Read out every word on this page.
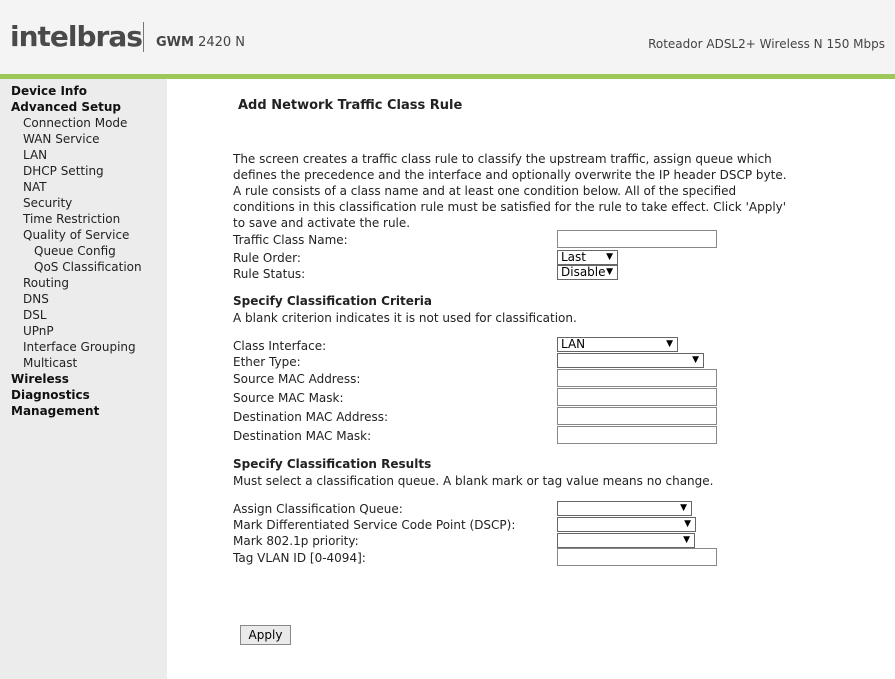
intelbras GWM 2420 N	Roteador ADSL2+ Wireless N 150 Mbps
Device Info
Advanced Setup
Connection Mode
WAN Service
LAN
DHCP Setting
NAT
Security
Time Restriction
Quality of Service
Queue Config
QoS Classification
Routing
DNS
DSL
UPnP
Interface Grouping
Multicast
Wireless
Diagnostics
Management
Add Network Traffic Class Rule
The screen creates a traffic class rule to classify the upstream traffic, assign queue which defines the precedence and the interface and optionally overwrite the IP header DSCP byte. A rule consists of a class name and at least one condition below. All of the specified conditions in this classification rule must be satisfied for the rule to take effect. Click 'Apply' to save and activate the rule.
Traffic Class Name:
Rule Order:	Last ▼
Rule Status:	Disable ▼
Specify Classification Criteria
A blank criterion indicates it is not used for classification.
Class Interface:	LAN	▼
Ether Type:	▼
Source MAC Address:
Source MAC Mask:
Destination MAC Address:
Destination MAC Mask:
Specify Classification Results
Must select a classification queue. A blank mark or tag value means no change.
Assign Classification Queue:	▼
Mark Differentiated Service Code Point (DSCP):	▼
Mark 802.1p priority:	▼
Tag VLAN ID [0-4094]:
Apply
